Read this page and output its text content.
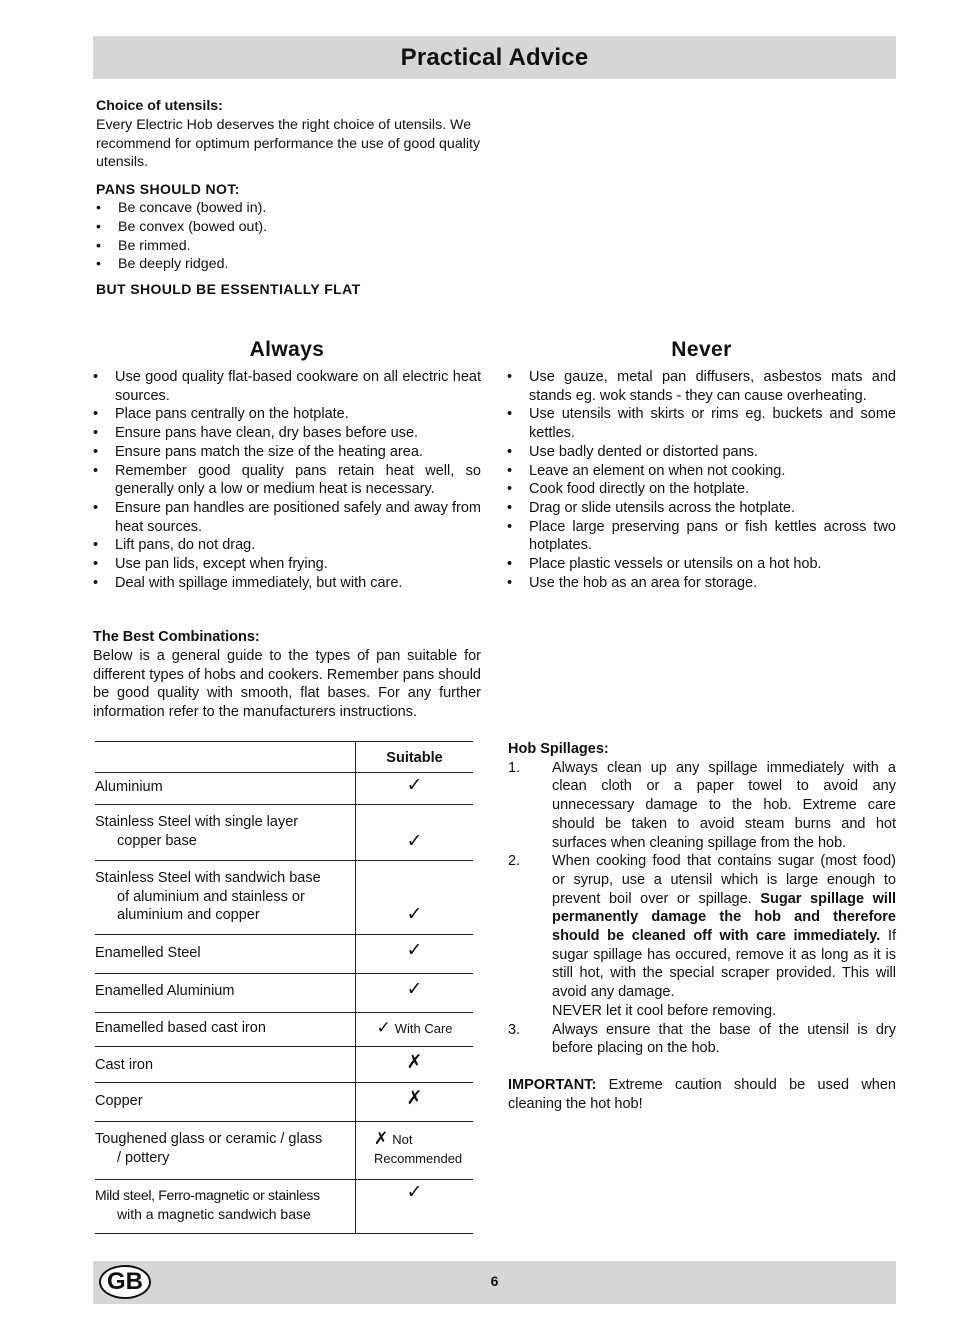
Practical Advice
Choice of utensils:
Every Electric Hob deserves the right choice of utensils. We recommend for optimum performance the use of good quality utensils.
PANS SHOULD NOT:
• Be concave (bowed in).
• Be convex (bowed out).
• Be rimmed.
• Be deeply ridged.
BUT SHOULD BE ESSENTIALLY FLAT
Always
• Use good quality flat-based cookware on all electric heat sources.
• Place pans centrally on the hotplate.
• Ensure pans have clean, dry bases before use.
• Ensure pans match the size of the heating area.
• Remember good quality pans retain heat well, so generally only a low or medium heat is necessary.
• Ensure pan handles are positioned safely and away from heat sources.
• Lift pans, do not drag.
• Use pan lids, except when frying.
• Deal with spillage immediately, but with care.
Never
• Use gauze, metal pan diffusers, asbestos mats and stands eg. wok stands - they can cause overheating.
• Use utensils with skirts or rims eg. buckets and some kettles.
• Use badly dented or distorted pans.
• Leave an element on when not cooking.
• Cook food directly on the hotplate.
• Drag or slide utensils across the hotplate.
• Place large preserving pans or fish kettles across two hotplates.
• Place plastic vessels or utensils on a hot hob.
• Use the hob as an area for storage.
The Best Combinations:
Below is a general guide to the types of pan suitable for different types of hobs and cookers. Remember pans should be good quality with smooth, flat bases. For any further information refer to the manufacturers instructions.
	Suitable

Aluminium	✓

Stainless Steel with single layer
copper base	✓

Stainless Steel with sandwich base
of aluminium and stainless or aluminium and copper	✓

Enamelled Steel	✓

Enamelled Aluminium	✓

Enamelled based cast iron	✓ With Care

Cast iron	✗

Copper	✗

Toughened glass or ceramic / glass
/ pottery	✗ Not Recommended

Mild steel, Ferro-magnetic or stainless
with a magnetic sandwich base	✓
Hob Spillages:
1. Always clean up any spillage immediately with a clean cloth or a paper towel to avoid any unnecessary damage to the hob. Extreme care should be taken to avoid steam burns and hot surfaces when cleaning spillage from the hob.
2. When cooking food that contains sugar (most food) or syrup, use a utensil which is large enough to prevent boil over or spillage. Sugar spillage will permanently damage the hob and therefore should be cleaned off with care immediately. If sugar spillage has occured, remove it as long as it is still hot, with the special scraper provided. This will avoid any damage.
NEVER let it cool before removing.
3. Always ensure that the base of the utensil is dry before placing on the hob.
IMPORTANT: Extreme caution should be used when cleaning the hot hob!
GB	6
